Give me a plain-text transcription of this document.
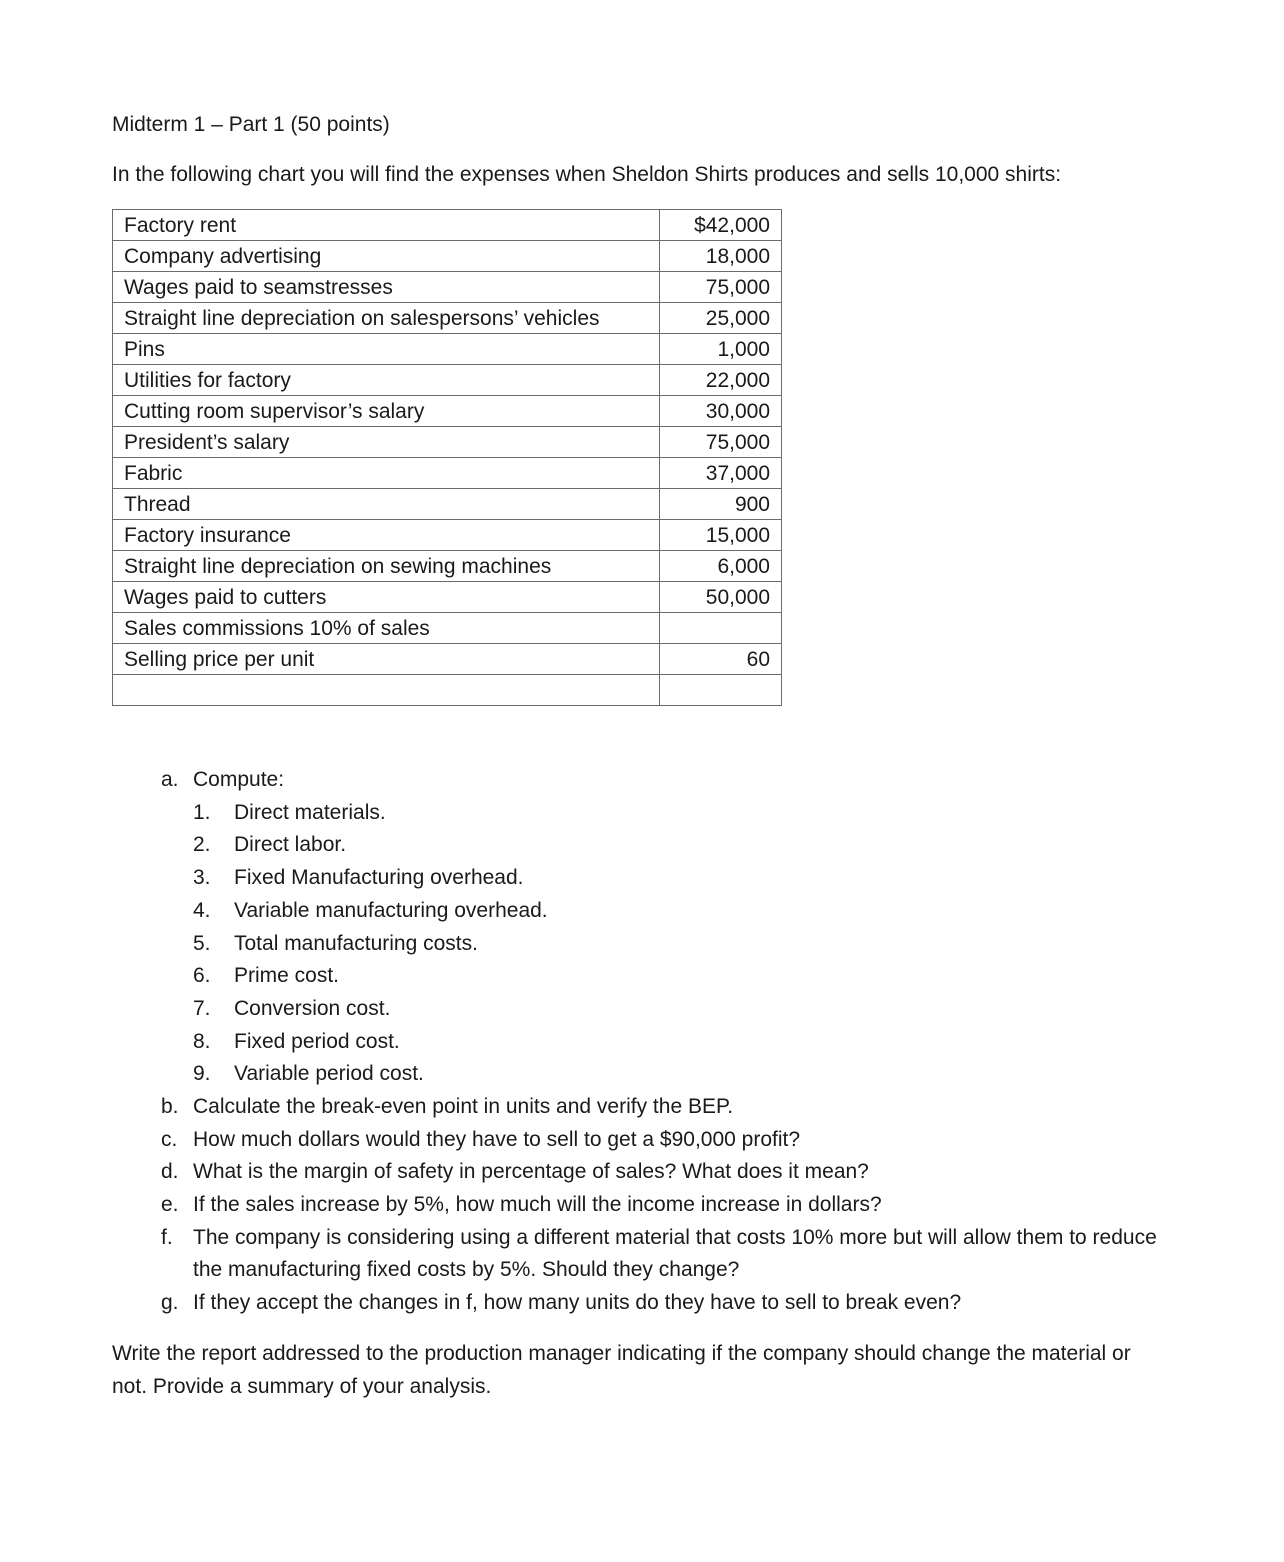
Midterm 1 – Part 1 (50 points)

In the following chart you will find the expenses when Sheldon Shirts produces and sells 10,000 shirts:

Factory rent	$42,000
Company advertising	18,000
Wages paid to seamstresses	75,000
Straight line depreciation on salespersons’ vehicles	25,000
Pins	1,000
Utilities for factory	22,000
Cutting room supervisor’s salary	30,000
President’s salary	75,000
Fabric	37,000
Thread	900
Factory insurance	15,000
Straight line depreciation on sewing machines	6,000
Wages paid to cutters	50,000
Sales commissions 10% of sales	
Selling price per unit	60

a. Compute:
1.	Direct materials.
2.	Direct labor.
3.	Fixed Manufacturing overhead.
4.	Variable manufacturing overhead.
5.	Total manufacturing costs.
6.	Prime cost.
7.	Conversion cost.
8.	Fixed period cost.
9.	Variable period cost.
b. Calculate the break-even point in units and verify the BEP.
c. How much dollars would they have to sell to get a $90,000 profit?
d. What is the margin of safety in percentage of sales? What does it mean?
e. If the sales increase by 5%, how much will the income increase in dollars?
f. The company is considering using a different material that costs 10% more but will allow them to reduce the manufacturing fixed costs by 5%. Should they change?
g. If they accept the changes in f, how many units do they have to sell to break even?

Write the report addressed to the production manager indicating if the company should change the material or not. Provide a summary of your analysis.
